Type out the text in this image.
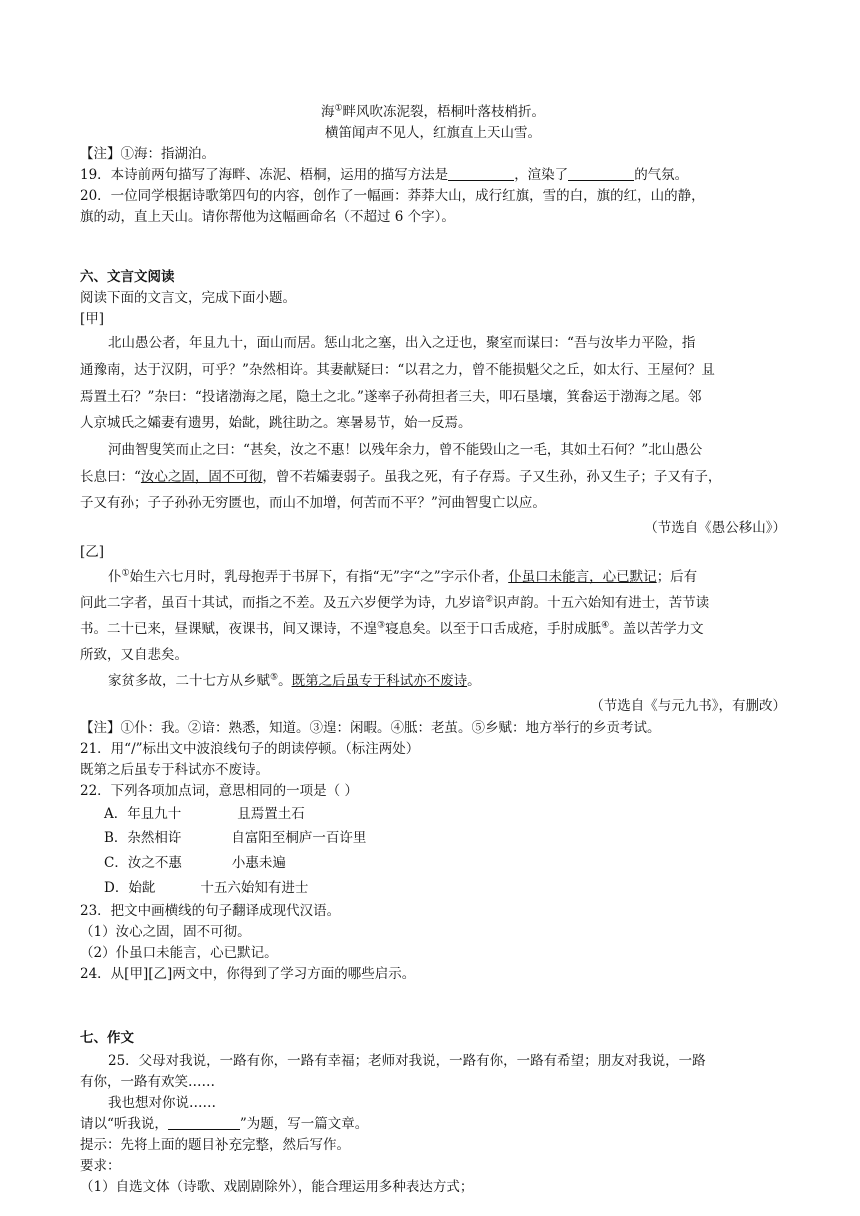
海①畔风吹冻泥裂，梧桐叶落枝梢折。
横笛闻声不见人，红旗直上天山雪。
【注】①海：指湖泊。
19．本诗前两句描写了海畔、冻泥、梧桐，运用的描写方法是	，渲染了	的气氛。
20．一位同学根据诗歌第四句的内容，创作了一幅画：莽莽大山，成行红旗，雪的白，旗的红，山的静，
旗的动，直上天山。请你帮他为这幅画命名（不超过 6 个字）。
六、文言文阅读
阅读下面的文言文，完成下面小题。
[甲]
北山愚公者，年且 ·九十，面山而居。惩山北之塞，出入之迂也，聚室而谋曰：“吾与汝毕力平险，指
通豫南，达于汉阴，可乎？”杂然相许 ·。其妻献疑曰：“以君之力，曾不能损魁父之丘，如太行、王屋何？且 ·
焉置土石？”杂曰：“投诸渤海之尾，隐土之北。”遂率子孙荷担者三夫，叩石垦壤，箕畚运于渤海之尾。邻
人京城氏之孀妻有遗男，始 ·龀，跳往助之。寒暑易节，始一反焉。
河曲智叟笑而止之曰：“甚矣，汝之不惠 ·！以残年余力，曾不能毁山之一毛，其如土石何？”北山愚公
长息曰：“汝心之固，固不可彻，曾不若孀妻弱子。虽我之死，有子存焉。子又生孙，孙又生子；子又有子，
子又有孙；子子孙孙无穷匮也，而山不加增，何苦而不平？”河曲智叟亡以应。
（节选自《愚公移山》）
[乙]
仆①始生六七月时，乳母抱弄于书屏下，有指“无”字“之”字示仆者，仆虽口未能言，心已默记；后有
问此二字者，虽百十其试，而指之不差。及五六岁便学为诗，九岁谙②识声韵。十五六始知有进士，苦节读
书。二十已来，昼课赋，夜课书，间又课诗，不遑③寝息矣。以至于口舌成疮，手肘成胝④。盖以苦学力文
所致，又自悲矣。
家贫多故，二十七方从乡赋⑤。既第之后虽专于科试亦不废诗。
（节选自《与元九书》，有删改）
【注】①仆：我。②谙：熟悉，知道。③遑：闲暇。④胝：老茧。⑤乡赋：地方举行的乡贡考试。
21．用“/”标出文中波浪线句子的朗读停顿。（标注两处）
既第之后虽专于科试亦不废诗。
22．下列各项加点词，意思相同的一项是（ ）
A．年且九十	且焉置土石
B．杂然相许	自富阳至桐庐一百许里
C．汝之不惠	小惠未遍
D．始龀	十五六始知有进士
23．把文中画横线的句子翻译成现代汉语。
（1）汝心之固，固不可彻。
（2）仆虽口未能言，心已默记。
24．从[甲][乙]两文中，你得到了学习方面的哪些启示。
七、作文
25．父母对我说，一路有你，一路有幸福；老师对我说，一路有你，一路有希望；朋友对我说，一路
有你，一路有欢笑……
我也想对你说……
请以“听我说，	”为题，写一篇文章。
提示：先将上面的题目补充完整，然后写作。
要求：
（1）自选文体（诗歌、戏剧剧除外），能合理运用多种表达方式；
